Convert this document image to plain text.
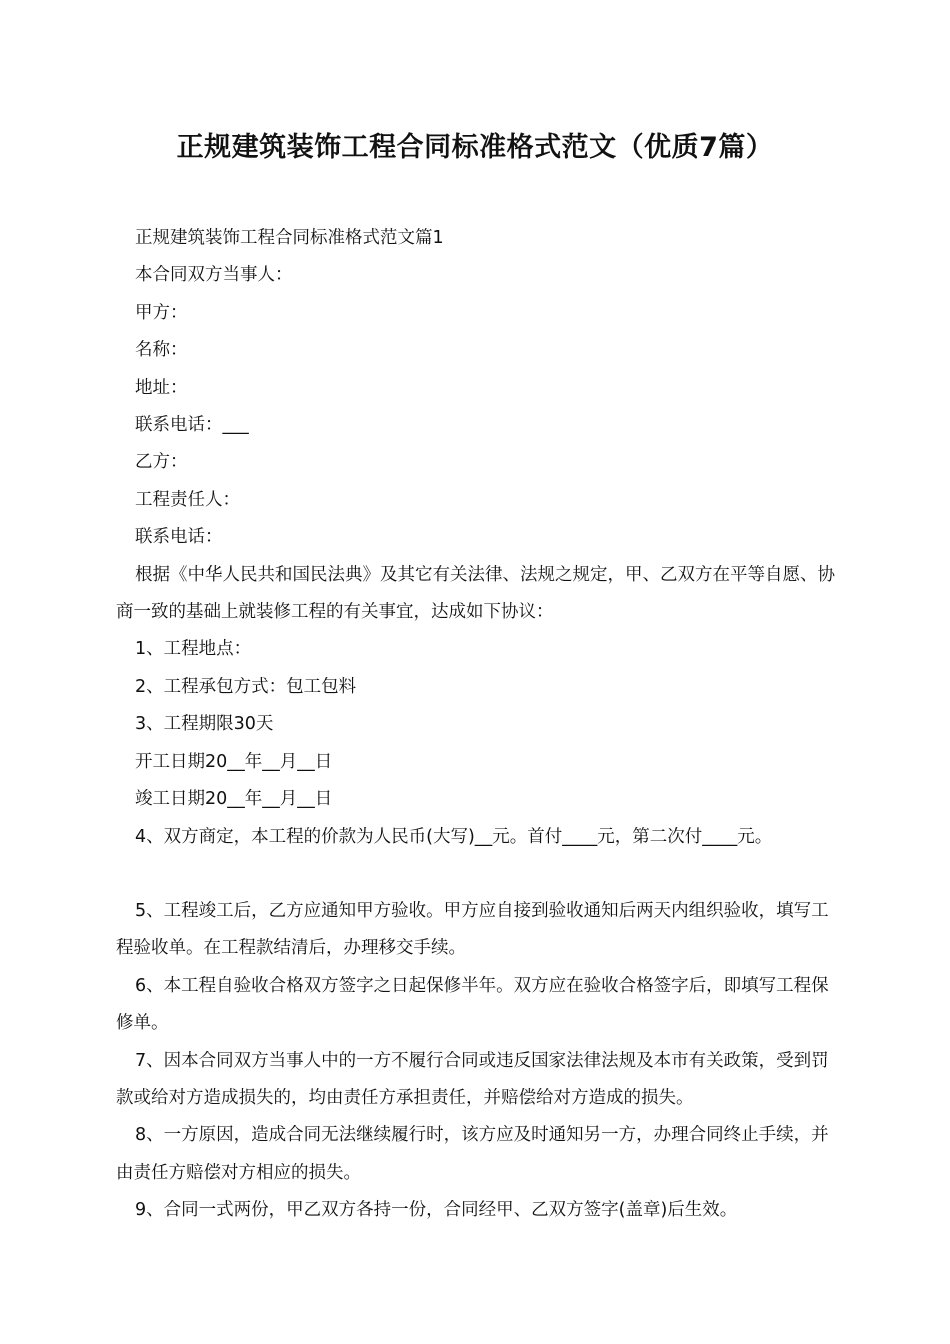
正规建筑装饰工程合同标准格式范文（优质7篇）

正规建筑装饰工程合同标准格式范文篇1

本合同双方当事人：

甲方：

名称：

地址：

联系电话：___

乙方：

工程责任人：

联系电话：

根据《中华人民共和国民法典》及其它有关法律、法规之规定，甲、乙双方在平等自愿、协商一致的基础上就装修工程的有关事宜，达成如下协议：

1、工程地点：

2、工程承包方式：包工包料

3、工程期限30天

开工日期20__年__月__日

竣工日期20__年__月__日

4、双方商定，本工程的价款为人民币(大写)__元。首付____元，第二次付____元。

5、工程竣工后，乙方应通知甲方验收。甲方应自接到验收通知后两天内组织验收，填写工程验收单。在工程款结清后，办理移交手续。

6、本工程自验收合格双方签字之日起保修半年。双方应在验收合格签字后，即填写工程保修单。

7、因本合同双方当事人中的一方不履行合同或违反国家法律法规及本市有关政策，受到罚款或给对方造成损失的，均由责任方承担责任，并赔偿给对方造成的损失。

8、一方原因，造成合同无法继续履行时，该方应及时通知另一方，办理合同终止手续，并由责任方赔偿对方相应的损失。

9、合同一式两份，甲乙双方各持一份，合同经甲、乙双方签字(盖章)后生效。
